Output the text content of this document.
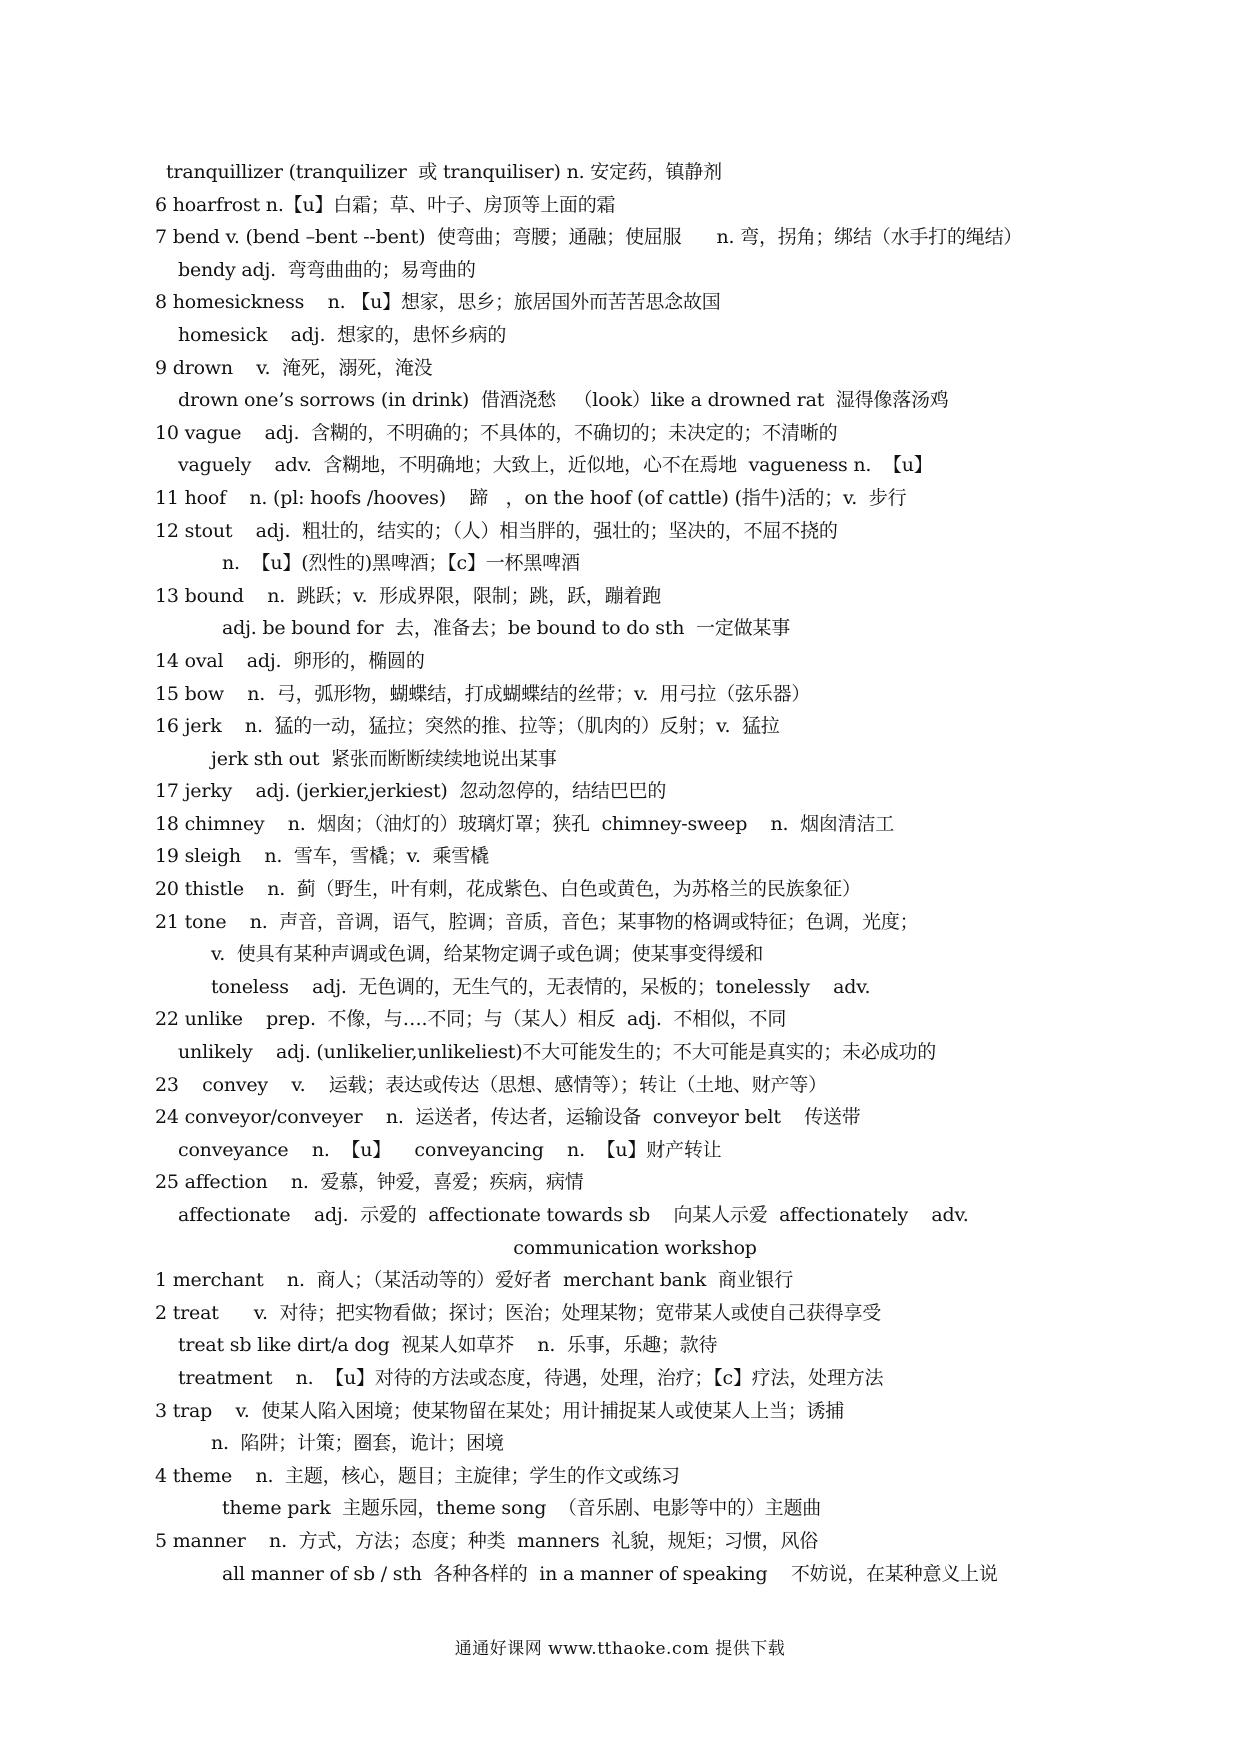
tranquillizer (tranquilizer  或 tranquiliser) n. 安定药，镇静剂
6 hoarfrost n.【u】白霜；草、叶子、房顶等上面的霜
7 bend v. (bend –bent --bent)  使弯曲；弯腰；通融；使屈服      n. 弯，拐角；绑结（水手打的绳结）
bendy adj.  弯弯曲曲的；易弯曲的
8 homesickness    n. 【u】想家，思乡；旅居国外而苦苦思念故国
homesick    adj.  想家的，患怀乡病的
9 drown    v.  淹死，溺死，淹没
drown one’s sorrows (in drink)  借酒浇愁   （look）like a drowned rat  湿得像落汤鸡
10 vague    adj.  含糊的，不明确的；不具体的，不确切的；未决定的；不清晰的
vaguely    adv.  含糊地，不明确地；大致上，近似地，心不在焉地  vagueness n.  【u】
11 hoof    n. (pl: hoofs /hooves)    蹄   ，on the hoof (of cattle) (指牛)活的；v.  步行
12 stout    adj.  粗壮的，结实的；（人）相当胖的，强壮的；坚决的，不屈不挠的
n.  【u】(烈性的)黑啤酒；【c】一杯黑啤酒
13 bound    n.  跳跃；v.  形成界限，限制；跳，跃，蹦着跑
adj. be bound for  去，准备去；be bound to do sth  一定做某事
14 oval    adj.  卵形的，椭圆的
15 bow    n.  弓，弧形物，蝴蝶结，打成蝴蝶结的丝带；v.  用弓拉（弦乐器）
16 jerk    n.  猛的一动，猛拉；突然的推、拉等；（肌肉的）反射；v.  猛拉
jerk sth out  紧张而断断续续地说出某事
17 jerky    adj. (jerkier,jerkiest)  忽动忽停的，结结巴巴的
18 chimney    n.  烟囱；（油灯的）玻璃灯罩；狭孔  chimney-sweep    n.  烟囱清洁工
19 sleigh    n.  雪车，雪橇；v.  乘雪橇
20 thistle    n.  蓟（野生，叶有刺，花成紫色、白色或黄色，为苏格兰的民族象征）
21 tone    n.  声音，音调，语气，腔调；音质，音色；某事物的格调或特征；色调，光度；
v.  使具有某种声调或色调，给某物定调子或色调；使某事变得缓和
toneless    adj.  无色调的，无生气的，无表情的，呆板的；tonelessly    adv.
22 unlike    prep.  不像，与….不同；与（某人）相反  adj.  不相似，不同
unlikely    adj. (unlikelier,unlikeliest)不大可能发生的；不大可能是真实的；未必成功的
23    convey    v.    运载；表达或传达（思想、感情等）；转让（土地、财产等）
24 conveyor/conveyer    n.  运送者，传达者，运输设备  conveyor belt    传送带
conveyance    n.  【u】    conveyancing    n.  【u】财产转让
25 affection    n.  爱慕，钟爱，喜爱；疾病，病情
affectionate    adj.  示爱的  affectionate towards sb    向某人示爱  affectionately    adv.
communication workshop
1 merchant    n.  商人；（某活动等的）爱好者  merchant bank  商业银行
2 treat      v.  对待；把实物看做；探讨；医治；处理某物；宽带某人或使自己获得享受
treat sb like dirt/a dog  视某人如草芥    n.  乐事，乐趣；款待
treatment    n.  【u】对待的方法或态度，待遇，处理，治疗；【c】疗法，处理方法
3 trap    v.  使某人陷入困境；使某物留在某处；用计捕捉某人或使某人上当；诱捕
n.  陷阱；计策；圈套，诡计；困境
4 theme    n.  主题，核心，题目；主旋律；学生的作文或练习
theme park  主题乐园，theme song  （音乐剧、电影等中的）主题曲
5 manner    n.  方式，方法；态度；种类  manners  礼貌，规矩；习惯，风俗
all manner of sb / sth  各种各样的  in a manner of speaking    不妨说，在某种意义上说
通通好课网 www.tthaoke.com 提供下载
